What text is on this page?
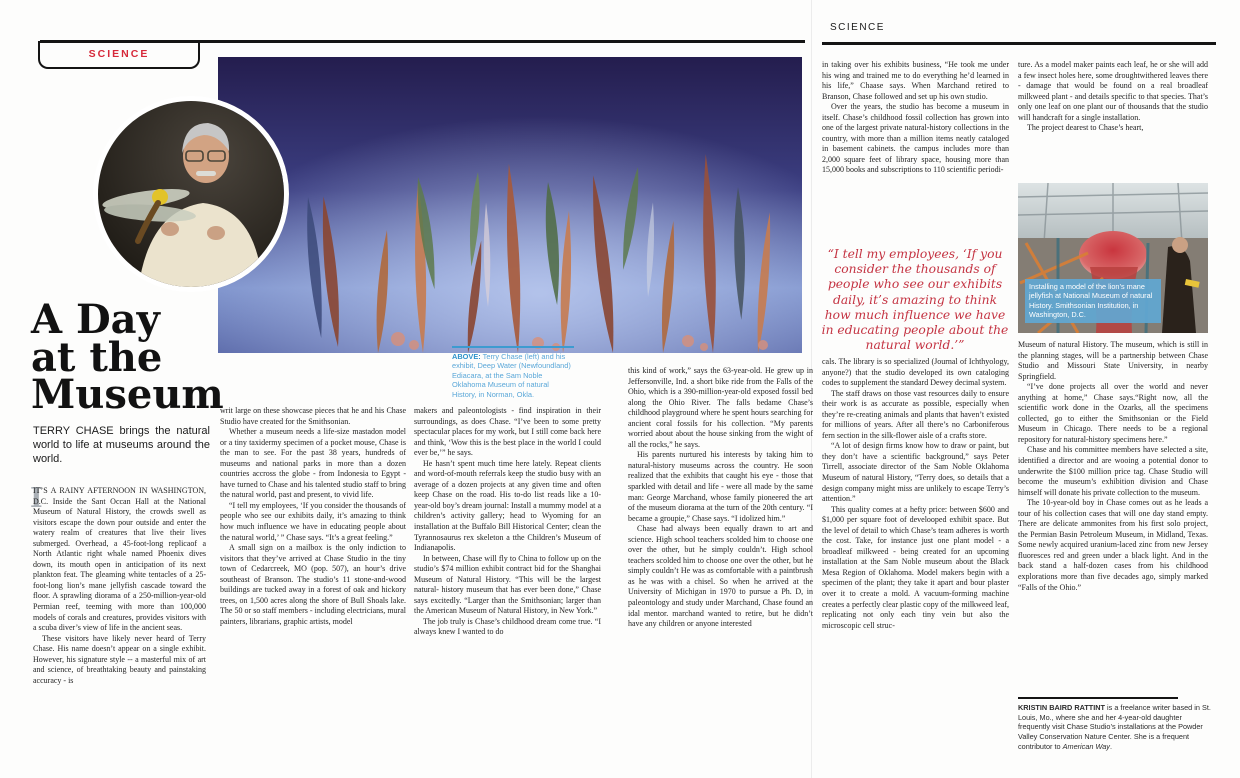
SCIENCE
SCIENCE
A Day
at the
Museum
TERRY CHASE brings the natural world to life at museums around the world.
I

IT’S A RAINY AFTERNOON IN WASHINGTON, D.C. Inside the Sant Occan Hall at the National Museum of Natural History, the crowds swell as visitors escape the down pour outside and enter the watery realm of creatures that live their lives submerged. Overhead, a 45-foot-long replicaof a North Atlantic right whale named Phoenix dives down, its mouth open in anticipation of its next plankton feat. The gleaming white tentacles of a 25-foot-long lion’s mane jellyfish cascade toward the floor. A sprawling diorama of a 250-million-year-old Permian reef, teeming with more than 100,000 models of corals and creatures, provides visitors with a scuba diver’s view of life in the ancient seas.

These visitors have likely never heard of Terry Chase. His name doesn’t appear on a single exhibit. However, his signature style -- a masterful mix of art and science, of breathtaking beauty and painstaking accuracy - is

writ large on these showcase pieces that he and his Chase Studio have created for the Smithsonian.

Whether a museum needs a life-size mastadon model or a tiny taxidermy specimen of a pocket mouse, Chase is the man to see. For the past 38 years, hundreds of museums and national parks in more than a dozen countries accross the globe - from Indonesia to Egypt - have turned to Chase and his talented studio staff to bring the natural world, past and present, to vivid life.

“I tell my employees, ‘If you consider the thousands of people who see our exhibits daily, it’s amazing to think how much influence we have in educating people about the natural world,’ ” Chase says. “It’s a great feeling.”

A small sign on a mailbox is the only indiction to visitors that they’ve arrived at Chase Studio in the tiny town of Cedarcreek, MO (pop. 507), an hour’s drive southeast of Branson. The studio’s 11 stone-and-wood buildings are tucked away in a forest of oak and hickory trees, on 1,500 acres along the shore of Bull Shoals lake. The 50 or so staff members - including electricians, mural painters, librarians, graphic artists, model

ABOVE: Terry Chase (left) and his exhibit, Deep Water (Newfoundland) Ediacara, at the Sam Noble Oklahoma Museum of natural History, in Norman, Okla.

makers and paleontologists - find inspiration in their surroundings, as does Chase. “I’ve been to some pretty spectacular places for my work, but I still come back here and think, ‘Wow this is the best place in the world I could ever be,’” he says.

He hasn’t spent much time here lately. Repeat clients and word-of-mouth referrals keep the studio busy with an average of a dozen projects at any given time and often keep Chase on the road. His to-do list reads like a 10-year-old boy’s dream journal: Install a mummy model at a children’s activity gallery; head to Wyoming for an installation at the Buffalo Bill Historical Center; clean the Tyrannosaurus rex skeleton a tthe Children’s Museum of Indianapolis.

In between, Chase will fly to China to follow up on the studio’s $74 million exhibit contract bid for the Shanghai Museum of Natural History. “This will be the largest natural- history museum that has ever been done,” Chase says excitedly. “Larger than the Smithsonian; larger than the American Museum of Natural History, in New York.”

The job truly is Chase’s childhood dream come true. “I always knew I wanted to do

this kind of work,” says the 63-year-old. He grew up in Jeffersonville, Ind. a short bike ride from the Falls of the Ohio, which is a 390-million-year-old exposed fossil bed along the Ohio River. The falls bedame Chase’s childhood playground where he spent hours searching for ancient coral fossils for his collection. “My parents worried about about the house sinking from the wight of all the rocks,” he says.

His parents nurtured his interests by taking him to natural-history museums across the country. He soon realized that the exhibits that caught his eye - those that sparkled with detail and life - were all made by the same man: George Marchand, whose family pioneered the art of the museum diorama at the turn of the 20th century. “I became a groupie,” Chase says. “I idolized him.”

Chase had always been equally drawn to art and science. High school teachers scolded him to choose one over the other, but he simply couldn’t. High school teachers scolded him to choose one over the other, but he simply couldn’t He was as comfortable with a paintbrush as he was with a chisel. So when he arrived at the University of Michigan in 1970 to pursue a Ph. D, in paleontology and study under Marchand, Chase found an idal mentor. marchand wanted to retire, but he didn’t have any children or anyone interested

in taking over his exhibits business, “He took me under his wing and trained me to do everything he’d learned in his life,” Chaase says. When Marchand retired to Branson, Chase followed and set up his own studio.

Over the years, the studio has become a museum in itself. Chase’s childhood fossil collection has grown into one of the largest private natural-history collections in the country, with more than a million items neatly cataloged in basement cabinets. the campus includes more than 2,000 square feet of library space, housing more than 15,000 books and subscriptions to 110 scientific periodi-

“I tell my employees, ‘If you consider the thousands of people who see our exhibits daily, it’s amazing to think how much influence we have in educating people about the natural world.’”

cals. The library is so specialized (Journal of Ichthyology, anyone?) that the studio developed its own cataloging codes to supplement the standard Dewey decimal system.

The staff draws on those vast resources daily to ensure their work is as accurate as possible, especially when they’re re-creating animals and plants that haven’t existed for millions of years. After all there’s no Carboniferous fern section in the silk-flower aisle of a crafts store.

“A lot of design firms know how to draw or paint, but they don’t have a scientific background,” says Peter Tirrell, associate director of the Sam Noble Oklahoma Museum of natural History, “Terry does, so details that a design company might miss are unlikely to escape Terry’s attention.”

This quality comes at a hefty price: between $600 and $1,000 per square foot of develooped exhibit space. But the level of detail to which Chase’s team adheres is worth the cost. Take, for instance just one plant model - a broadleaf milkweed - being created for an upcoming installation at the Sam Noble museum about the Black Mesa Region of Oklahoma. Model makers begin with a specimen of the plant; they take it apart and bour plaster over it to create a mold. A vacuum-forming machine creates a perfectly clear plastic copy of the milkweed leaf, replicating not only each tiny vein but also the microscopic cell struc-

ture. As a model maker paints each leaf, he or she will add a few insect holes here, some droughtwithered leaves there - damage that would be found on a real broadleaf milkweed plant - and details specific to that species. That’s only one leaf on one plant our of thousands that the studio will handcraft for a single installation.

The project dearest to Chase’s heart,

Installing a model of the lion’s mane jellyfish at National Museum of natural History. Smithsonian Institution, in Washington, D.C.

Museum of natural History. The museum, which is still in the planning stages, will be a partnership between Chase Studio and Missouri State University, in nearby Springfield.

“I’ve done projects all over the world and never anything at home,” Chase says.“Right now, all the scientific work done in the Ozarks, all the specimens collected, go to either the Smithsonian or the Field Museum in Chicago. There needs to be a regional repository for natural-history specimens here.”

Chase and his committee members have selected a site, identified a director and are wooing a potential donor to underwrite the $100 million price tag. Chase Studio will become the museum’s exhibition division and Chase himself will donate his private collection to the museum.

The 10-year-old boy in Chase comes out as he leads a tour of his collection cases that will one day stand empty. There are delicate ammonites from his first solo project, the Permian Basin Petroleum Museum, in Midland, Texas. Some newly acquired uranium-laced zinc from new Jersey fluoresces red and green under a black light. And in the back stand a half-dozen cases from his childhood explorations more than five decades ago, simply marked “Falls of the Ohio.”

KRISTIN BAIRD RATTINT is a freelance writer based in St. Louis, Mo., where she and her 4-year-old daughter frequently visit Chase Studio’s installations at the Powder Valley Conservation Nature Center. She is a frequent contributor to American Way.
